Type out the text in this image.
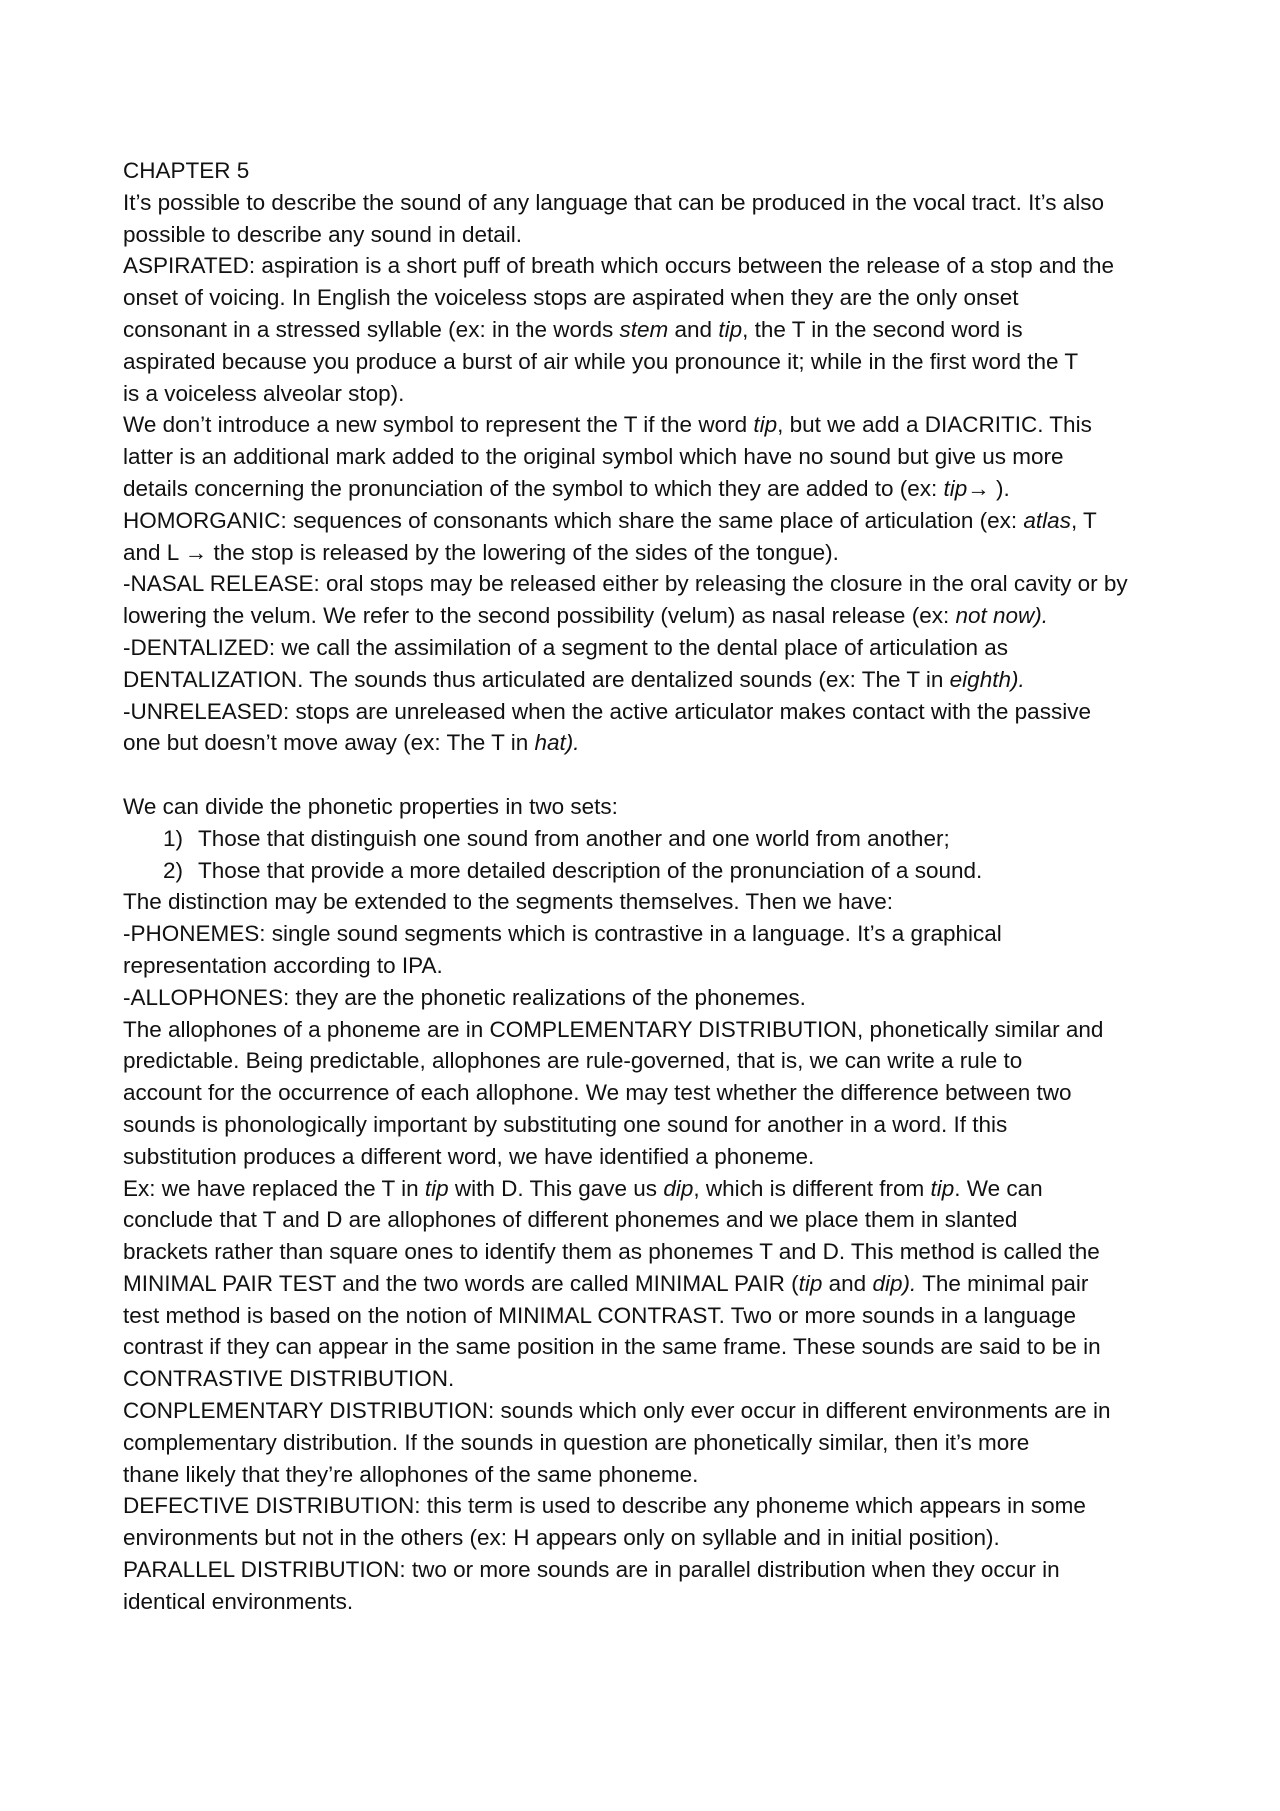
CHAPTER 5
It’s possible to describe the sound of any language that can be produced in the vocal tract. It’s also
possible to describe any sound in detail.
ASPIRATED: aspiration is a short puff of breath which occurs between the release of a stop and the
onset of voicing. In English the voiceless stops are aspirated when they are the only onset
consonant in a stressed syllable (ex: in the words stem and tip, the T in the second word is
aspirated because you produce a burst of air while you pronounce it; while in the first word the T
is a voiceless alveolar stop).
We don’t introduce a new symbol to represent the T if the word tip, but we add a DIACRITIC. This
latter is an additional mark added to the original symbol which have no sound but give us more
details concerning the pronunciation of the symbol to which they are added to (ex: tip→ ).
HOMORGANIC: sequences of consonants which share the same place of articulation (ex: atlas, T
and L → the stop is released by the lowering of the sides of the tongue).
-NASAL RELEASE: oral stops may be released either by releasing the closure in the oral cavity or by
lowering the velum. We refer to the second possibility (velum) as nasal release (ex: not now).
-DENTALIZED: we call the assimilation of a segment to the dental place of articulation as
DENTALIZATION. The sounds thus articulated are dentalized sounds (ex: The T in eighth).
-UNRELEASED: stops are unreleased when the active articulator makes contact with the passive
one but doesn’t move away (ex: The T in hat).
We can divide the phonetic properties in two sets:
1) Those that distinguish one sound from another and one world from another;
2) Those that provide a more detailed description of the pronunciation of a sound.
The distinction may be extended to the segments themselves. Then we have:
-PHONEMES: single sound segments which is contrastive in a language. It’s a graphical
representation according to IPA.
-ALLOPHONES: they are the phonetic realizations of the phonemes.
The allophones of a phoneme are in COMPLEMENTARY DISTRIBUTION, phonetically similar and
predictable. Being predictable, allophones are rule-governed, that is, we can write a rule to
account for the occurrence of each allophone. We may test whether the difference between two
sounds is phonologically important by substituting one sound for another in a word. If this
substitution produces a different word, we have identified a phoneme.
Ex: we have replaced the T in tip with D. This gave us dip, which is different from tip. We can
conclude that T and D are allophones of different phonemes and we place them in slanted
brackets rather than square ones to identify them as phonemes T and D. This method is called the
MINIMAL PAIR TEST and the two words are called MINIMAL PAIR (tip and dip). The minimal pair
test method is based on the notion of MINIMAL CONTRAST. Two or more sounds in a language
contrast if they can appear in the same position in the same frame. These sounds are said to be in
CONTRASTIVE DISTRIBUTION.
CONPLEMENTARY DISTRIBUTION: sounds which only ever occur in different environments are in
complementary distribution. If the sounds in question are phonetically similar, then it’s more
thane likely that they’re allophones of the same phoneme.
DEFECTIVE DISTRIBUTION: this term is used to describe any phoneme which appears in some
environments but not in the others (ex: H appears only on syllable and in initial position).
PARALLEL DISTRIBUTION: two or more sounds are in parallel distribution when they occur in
identical environments.
